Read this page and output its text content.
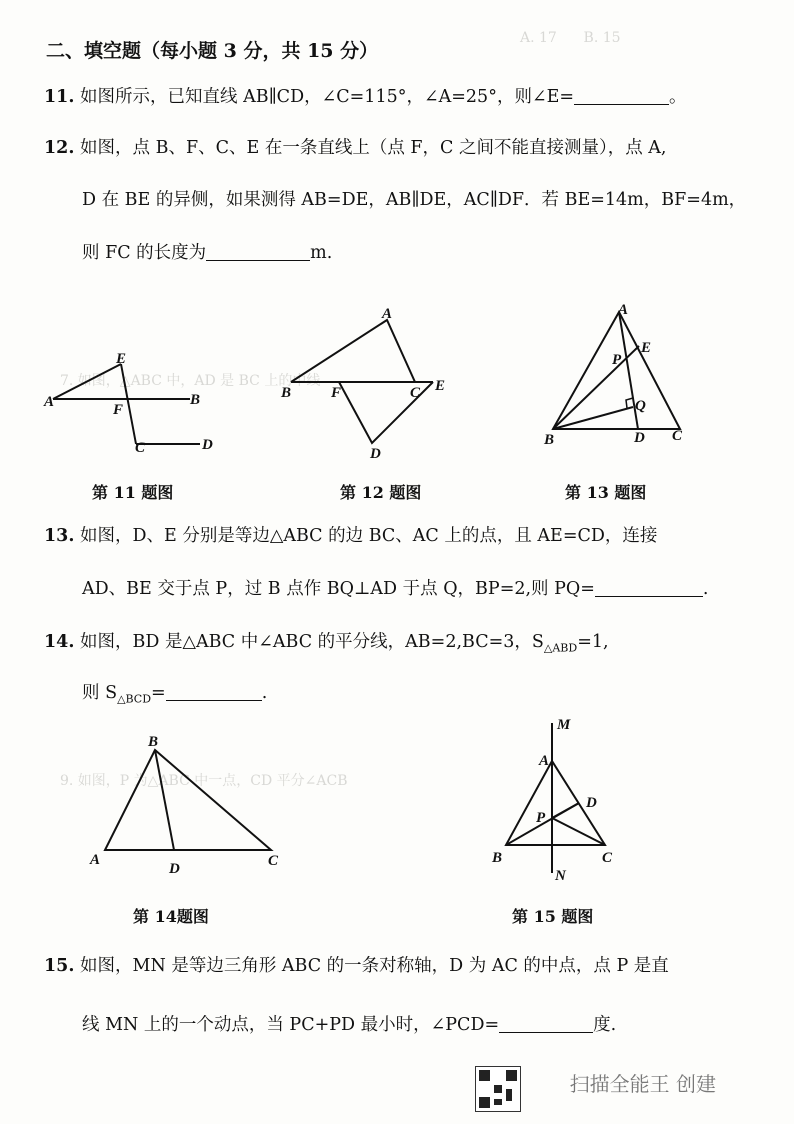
A. 17      B. 15
7. 如图，△ABC 中，AD 是 BC 上的中线
9. 如图，P 为△ABC 中一点，CD 平分∠ACB
二、填空题（每小题 3 分，共 15 分）
11. 如图所示，已知直线 AB∥CD，∠C=115°，∠A=25°，则∠E=	。
12. 如图，点 B、F、C、E 在一条直线上（点 F，C 之间不能直接测量），点 A,
D 在 BE 的异侧，如果测得 AB=DE，AB∥DE，AC∥DF．若 BE=14m，BF=4m，
则 FC 的长度为	m.
E
A	F
B
C	D
第 11 题图
A
B	F	C E
D
第 12 题图
A
E
P
Q
B	D C
第 13 题图
13. 如图，D、E 分别是等边△ABC 的边 BC、AC 上的点，且 AE=CD，连接
AD、BE 交于点 P，过 B 点作 BQ⊥AD 于点 Q，BP=2,则 PQ=	.
14. 如图，BD 是△ABC 中∠ABC 的平分线，AB=2,BC=3，$S_{\triangle ABD}=1$,
则 $S_{\triangle BCD}=$	.
B
A
D	C
第 14题图
M
A
D
P
B	C
N
第 15 题图
15. 如图，MN 是等边三角形 ABC 的一条对称轴，D 为 AC 的中点，点 P 是直
线 MN 上的一个动点，当 PC+PD 最小时，∠PCD=	度.
扫描全能王 创建
